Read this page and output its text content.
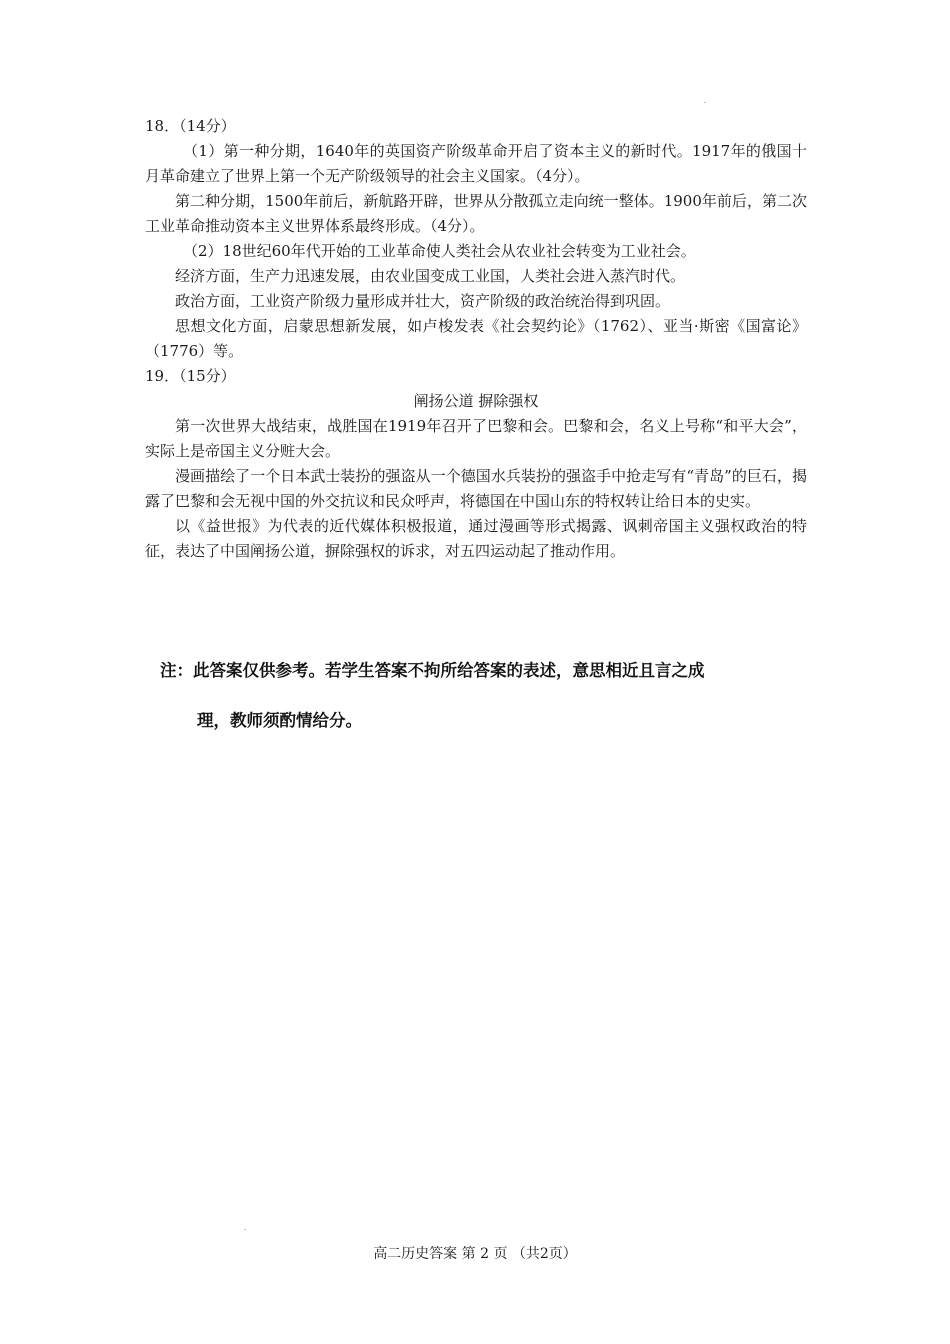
18．（14分）

（1）第一种分期，1640年的英国资产阶级革命开启了资本主义的新时代。1917年的俄国十月革命建立了世界上第一个无产阶级领导的社会主义国家。（4分）。

第二种分期，1500年前后，新航路开辟，世界从分散孤立走向统一整体。1900年前后，第二次工业革命推动资本主义世界体系最终形成。（4分）。

（2）18世纪60年代开始的工业革命使人类社会从农业社会转变为工业社会。

经济方面，生产力迅速发展，由农业国变成工业国，人类社会进入蒸汽时代。

政治方面，工业资产阶级力量形成并壮大，资产阶级的政治统治得到巩固。

思想文化方面，启蒙思想新发展，如卢梭发表《社会契约论》（1762）、亚当·斯密《国富论》（1776）等。

19．（15分）

阐扬公道 摒除强权

第一次世界大战结束，战胜国在1919年召开了巴黎和会。巴黎和会，名义上号称“和平大会”，实际上是帝国主义分赃大会。

漫画描绘了一个日本武士装扮的强盗从一个德国水兵装扮的强盗手中抢走写有“青岛”的巨石，揭露了巴黎和会无视中国的外交抗议和民众呼声，将德国在中国山东的特权转让给日本的史实。

以《益世报》为代表的近代媒体积极报道，通过漫画等形式揭露、讽刺帝国主义强权政治的特征，表达了中国阐扬公道，摒除强权的诉求，对五四运动起了推动作用。

注：此答案仅供参考。若学生答案不拘所给答案的表述，意思相近且言之成
理，教师须酌情给分。
高二历史答案 第 2 页 （共2页）
